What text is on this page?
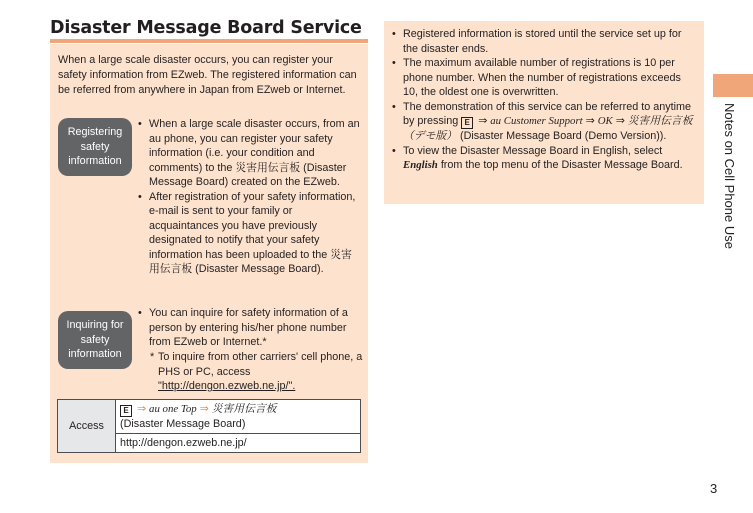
Disaster Message Board Service
When a large scale disaster occurs, you can register your safety information from EZweb. The registered information can be referred from anywhere in Japan from EZweb or Internet.
Registering safety information
• When a large scale disaster occurs, from an au phone, you can register your safety information (i.e. your condition and comments) to the 災害用伝言板 (Disaster Message Board) created on the EZweb.
• After registration of your safety information, e-mail is sent to your family or acquaintances you have previously designated to notify that your safety information has been uploaded to the 災害用伝言板 (Disaster Message Board).
Inquiring for safety information
• You can inquire for safety information of a person by entering his/her phone number from EZweb or Internet.*
* To inquire from other carriers' cell phone, a PHS or PC, access "http://dengon.ezweb.ne.jp/".
Access	E ⇒ au one Top ⇒ 災害用伝言板
(Disaster Message Board)
http://dengon.ezweb.ne.jp/
• Registered information is stored until the service set up for the disaster ends.
• The maximum available number of registrations is 10 per phone number. When the number of registrations exceeds 10, the oldest one is overwritten.
• The demonstration of this service can be referred to anytime by pressing E ⇒ au Customer Support ⇒ OK ⇒ 災害用伝言板（デモ版） (Disaster Message Board (Demo Version)).
• To view the Disaster Message Board in English, select English from the top menu of the Disaster Message Board.	Notes on Cell Phone Use
3
